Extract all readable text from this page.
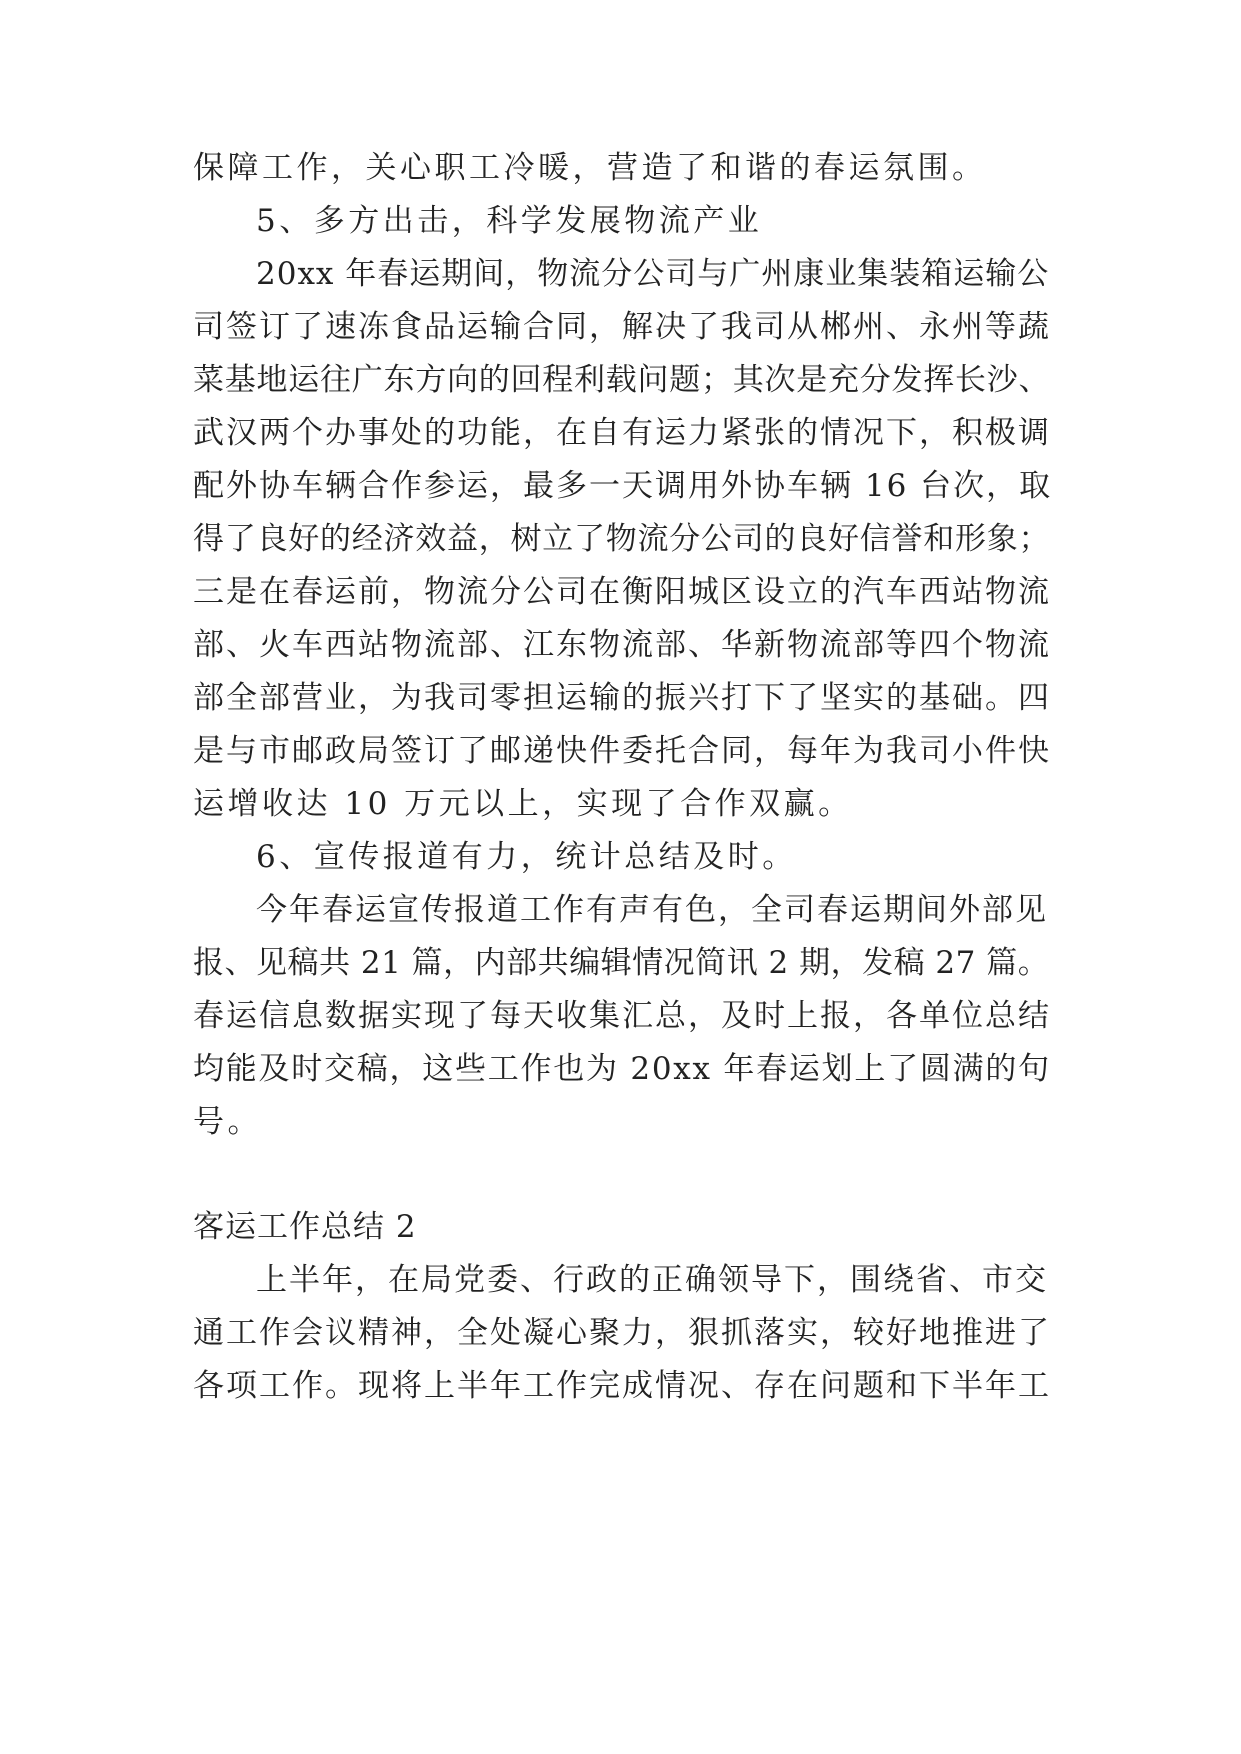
保障工作，关心职工冷暖，营造了和谐的春运氛围。
5、多方出击，科学发展物流产业
20xx 年春运期间，物流分公司与广州康业集装箱运输公
司签订了速冻食品运输合同，解决了我司从郴州、永州等蔬
菜基地运往广东方向的回程利载问题；其次是充分发挥长沙、
武汉两个办事处的功能，在自有运力紧张的情况下，积极调
配外协车辆合作参运，最多一天调用外协车辆 16 台次，取
得了良好的经济效益，树立了物流分公司的良好信誉和形象；
三是在春运前，物流分公司在衡阳城区设立的汽车西站物流
部、火车西站物流部、江东物流部、华新物流部等四个物流
部全部营业，为我司零担运输的振兴打下了坚实的基础。四
是与市邮政局签订了邮递快件委托合同，每年为我司小件快
运增收达 10 万元以上，实现了合作双赢。
6、宣传报道有力，统计总结及时。
今年春运宣传报道工作有声有色，全司春运期间外部见
报、见稿共 21 篇，内部共编辑情况简讯 2 期，发稿 27 篇。
春运信息数据实现了每天收集汇总，及时上报，各单位总结
均能及时交稿，这些工作也为 20xx 年春运划上了圆满的句
号。
客运工作总结 2
上半年，在局党委、行政的正确领导下，围绕省、市交
通工作会议精神，全处凝心聚力，狠抓落实，较好地推进了
各项工作。现将上半年工作完成情况、存在问题和下半年工
